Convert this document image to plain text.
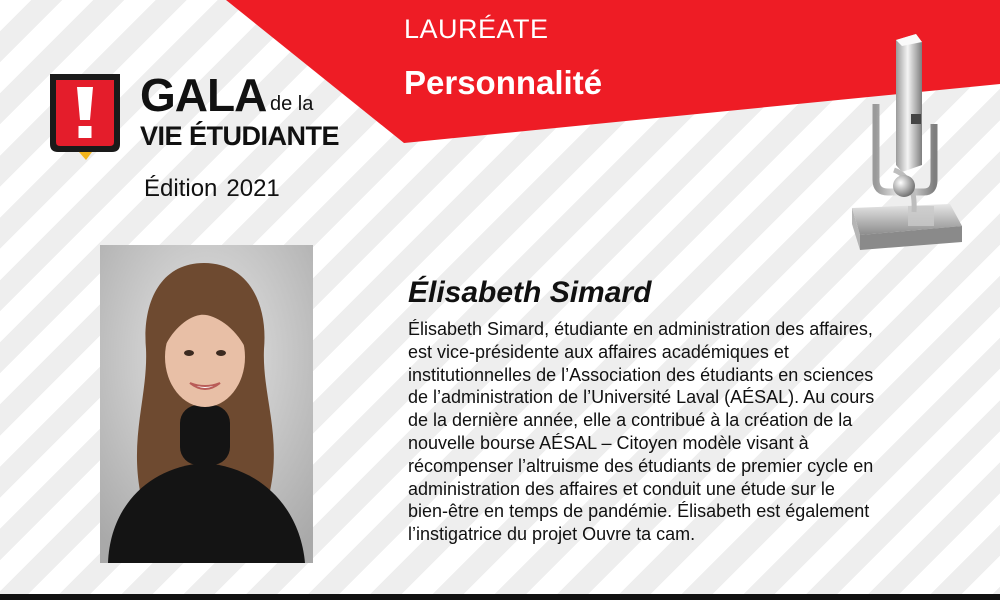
LAURÉATE
Personnalité
GALA de la
VIE ÉTUDIANTE
Édition 2021
Élisabeth Simard
Élisabeth Simard, étudiante en administration des affaires,
est vice-présidente aux affaires académiques et
institutionnelles de l’Association des étudiants en sciences
de l’administration de l’Université Laval (AÉSAL). Au cours
de la dernière année, elle a contribué à la création de la
nouvelle bourse AÉSAL – Citoyen modèle visant à
récompenser l’altruisme des étudiants de premier cycle en
administration des affaires et conduit une étude sur le
bien-être en temps de pandémie. Élisabeth est également
l’instigatrice du projet Ouvre ta cam.
